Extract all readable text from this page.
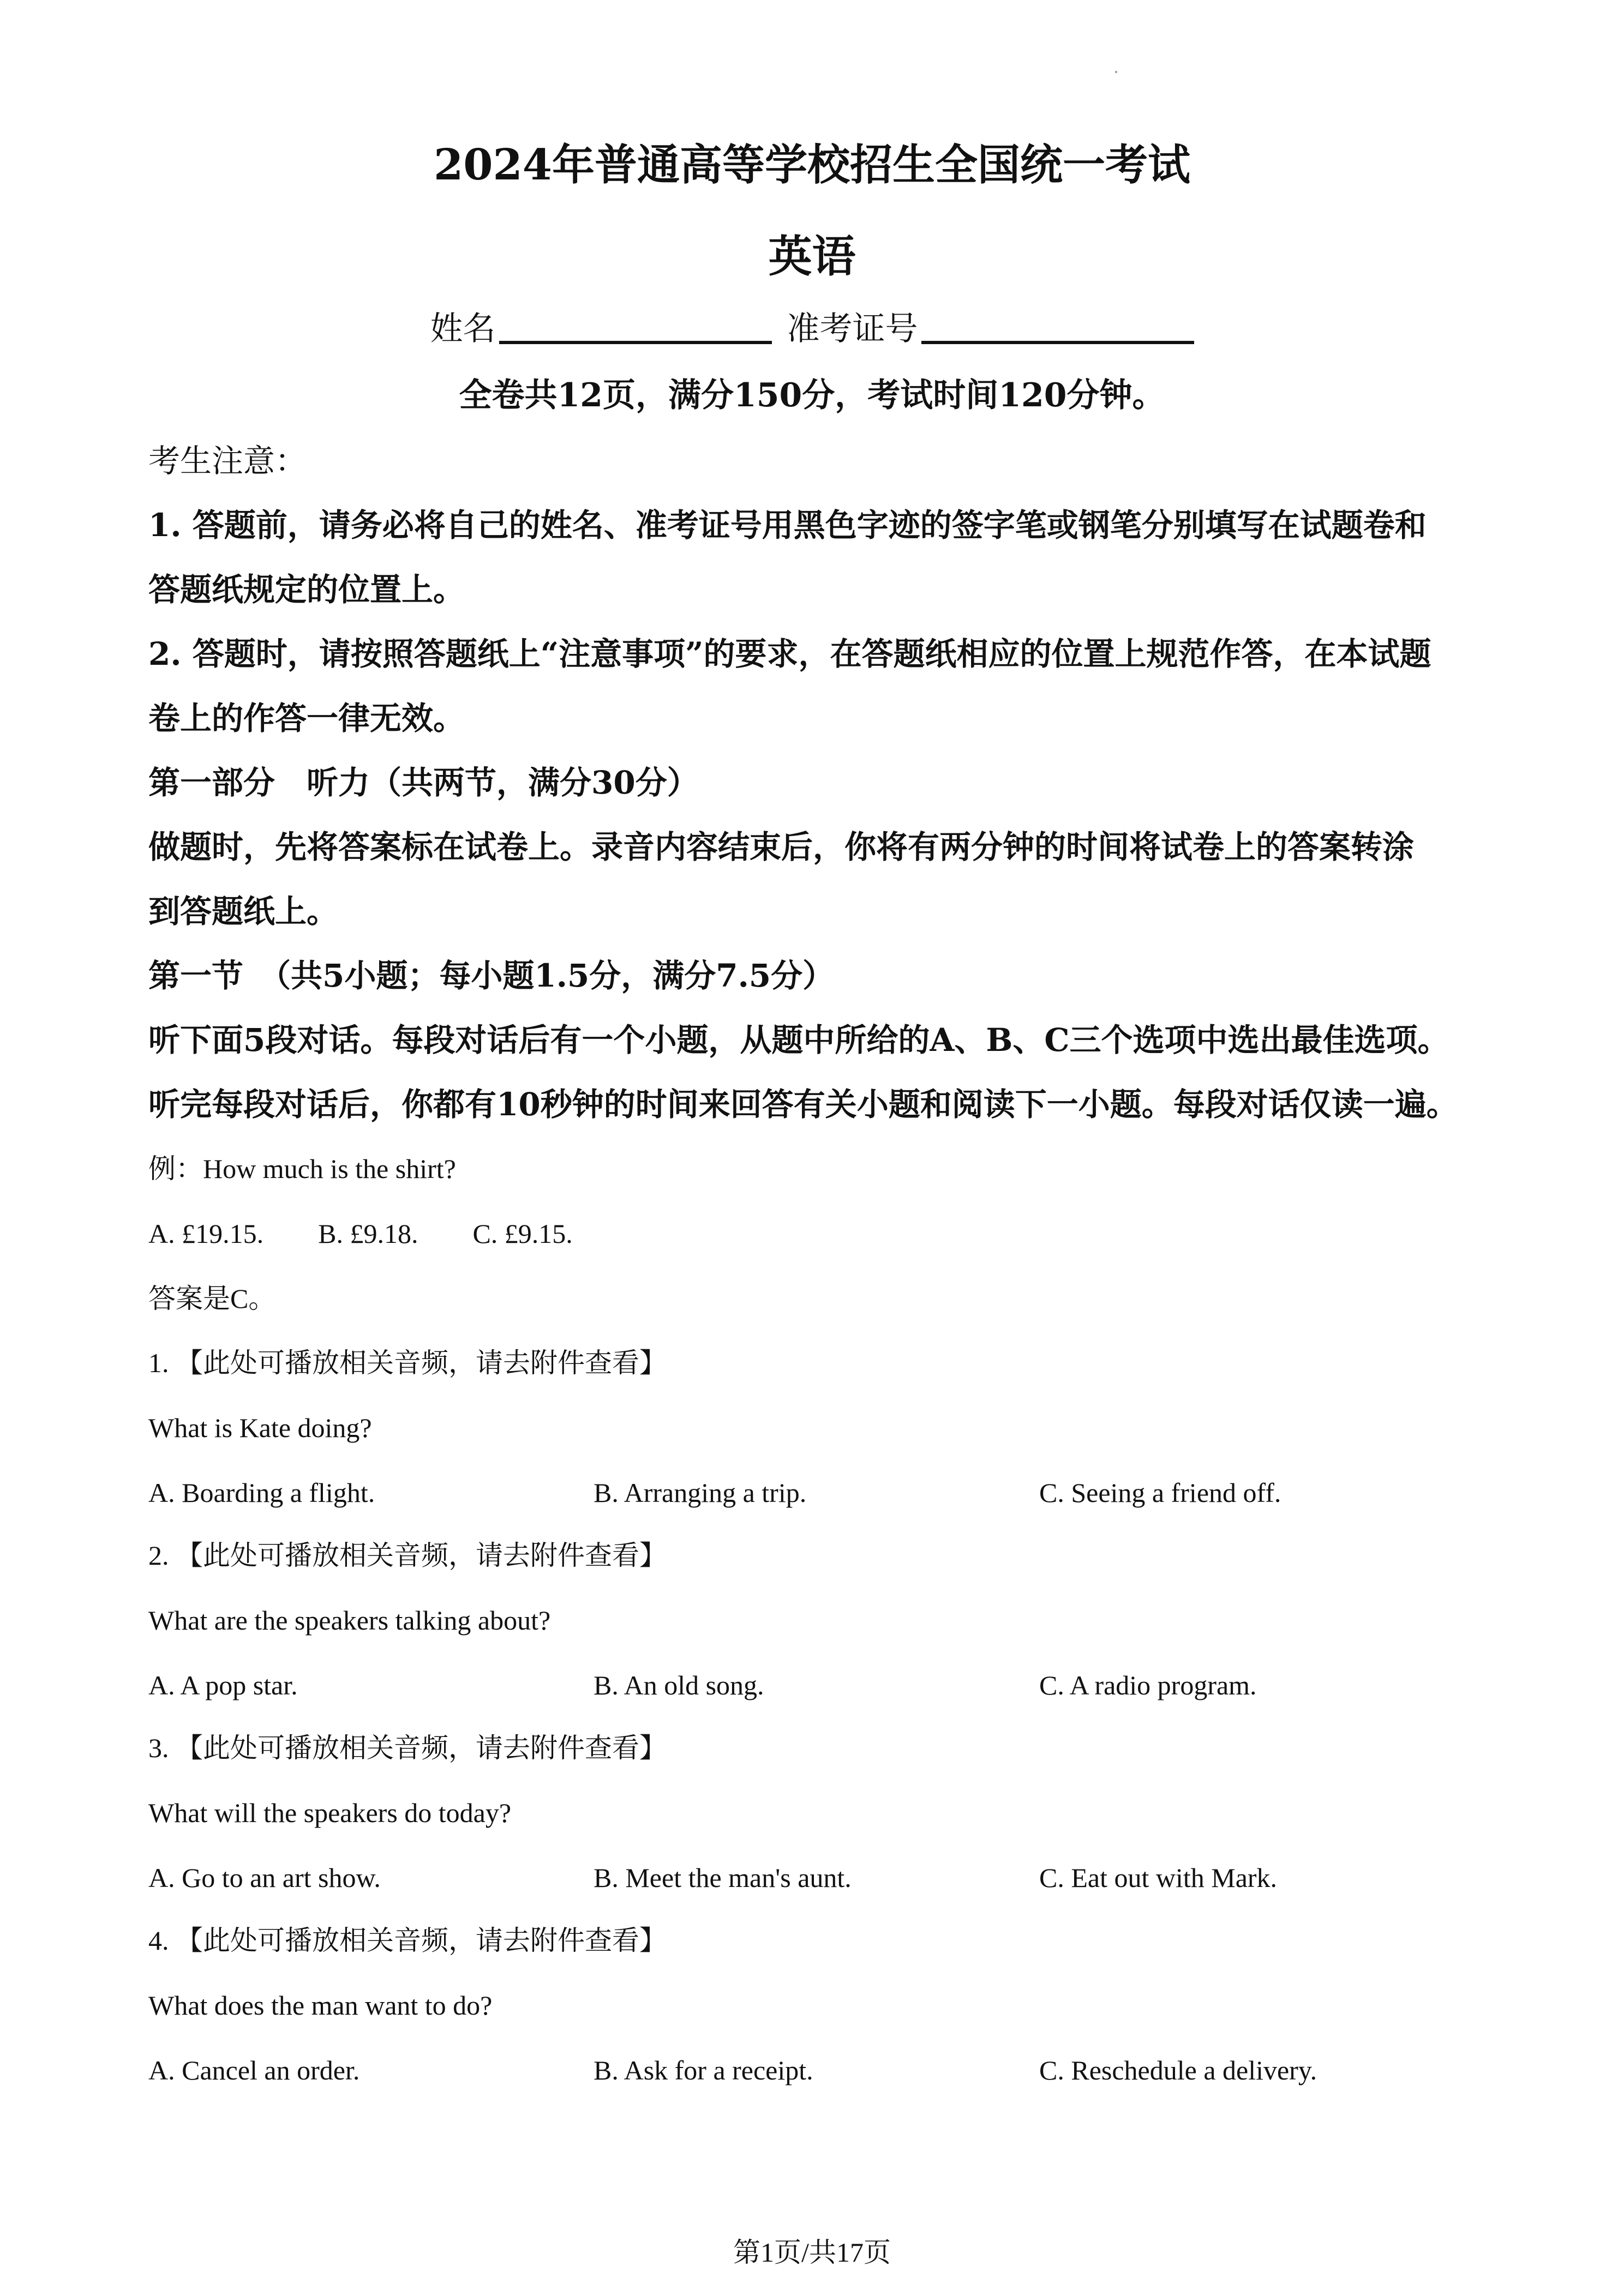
2024年普通高等学校招生全国统一考试
英语
姓名	准考证号
全卷共12页，满分150分，考试时间120分钟。
考生注意：
1. 答题前，请务必将自己的姓名、准考证号用黑色字迹的签字笔或钢笔分别填写在试题卷和
答题纸规定的位置上。
2. 答题时，请按照答题纸上“注意事项”的要求，在答题纸相应的位置上规范作答，在本试题
卷上的作答一律无效。
第一部分　听力（共两节，满分30分）
做题时，先将答案标在试卷上。录音内容结束后，你将有两分钟的时间将试卷上的答案转涂
到答题纸上。
第一节　（共5小题；每小题1.5分，满分7.5分）
听下面5段对话。每段对话后有一个小题，从题中所给的A、B、C三个选项中选出最佳选项。
听完每段对话后，你都有10秒钟的时间来回答有关小题和阅读下一小题。每段对话仅读一遍。
例：How much is the shirt?
A. £19.15.　　B. £9.18.　　C. £9.15.
答案是C。
1. 【此处可播放相关音频，请去附件查看】
What is Kate doing?
A. Boarding a flight.	B. Arranging a trip.	C. Seeing a friend off.
2. 【此处可播放相关音频，请去附件查看】
What are the speakers talking about?
A. A pop star.	B. An old song.	C. A radio program.
3. 【此处可播放相关音频，请去附件查看】
What will the speakers do today?
A. Go to an art show.	B. Meet the man's aunt.	C. Eat out with Mark.
4. 【此处可播放相关音频，请去附件查看】
What does the man want to do?
A. Cancel an order.	B. Ask for a receipt.	C. Reschedule a delivery.
第1页/共17页
